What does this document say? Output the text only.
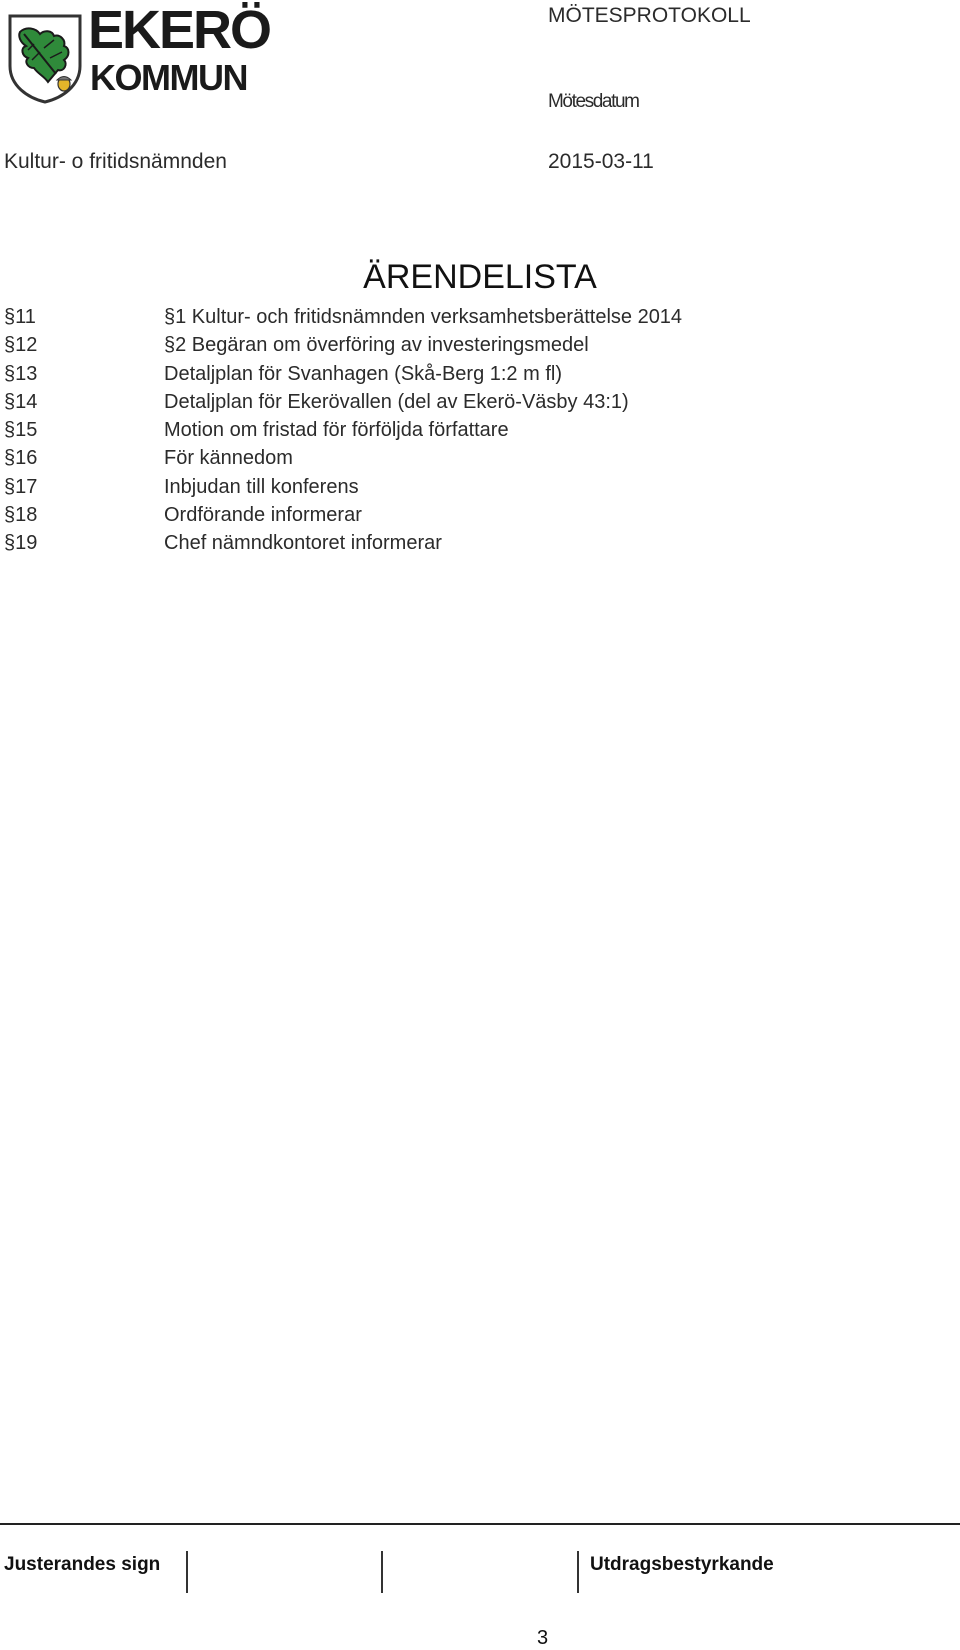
EKERÖ
KOMMUN
MÖTESPROTOKOLL
Mötesdatum
Kultur- o fritidsnämnden	2015-03-11
ÄRENDELISTA
§11	§1 Kultur- och fritidsnämnden verksamhetsberättelse 2014
§12	§2 Begäran om överföring av investeringsmedel
§13	Detaljplan för Svanhagen (Skå-Berg 1:2 m fl)
§14	Detaljplan för Ekerövallen (del av Ekerö-Väsby 43:1)
§15	Motion om fristad för förföljda författare
§16	För kännedom
§17	Inbjudan till konferens
§18	Ordförande informerar
§19	Chef nämndkontoret informerar
Justerandes sign	Utdragsbestyrkande
3
